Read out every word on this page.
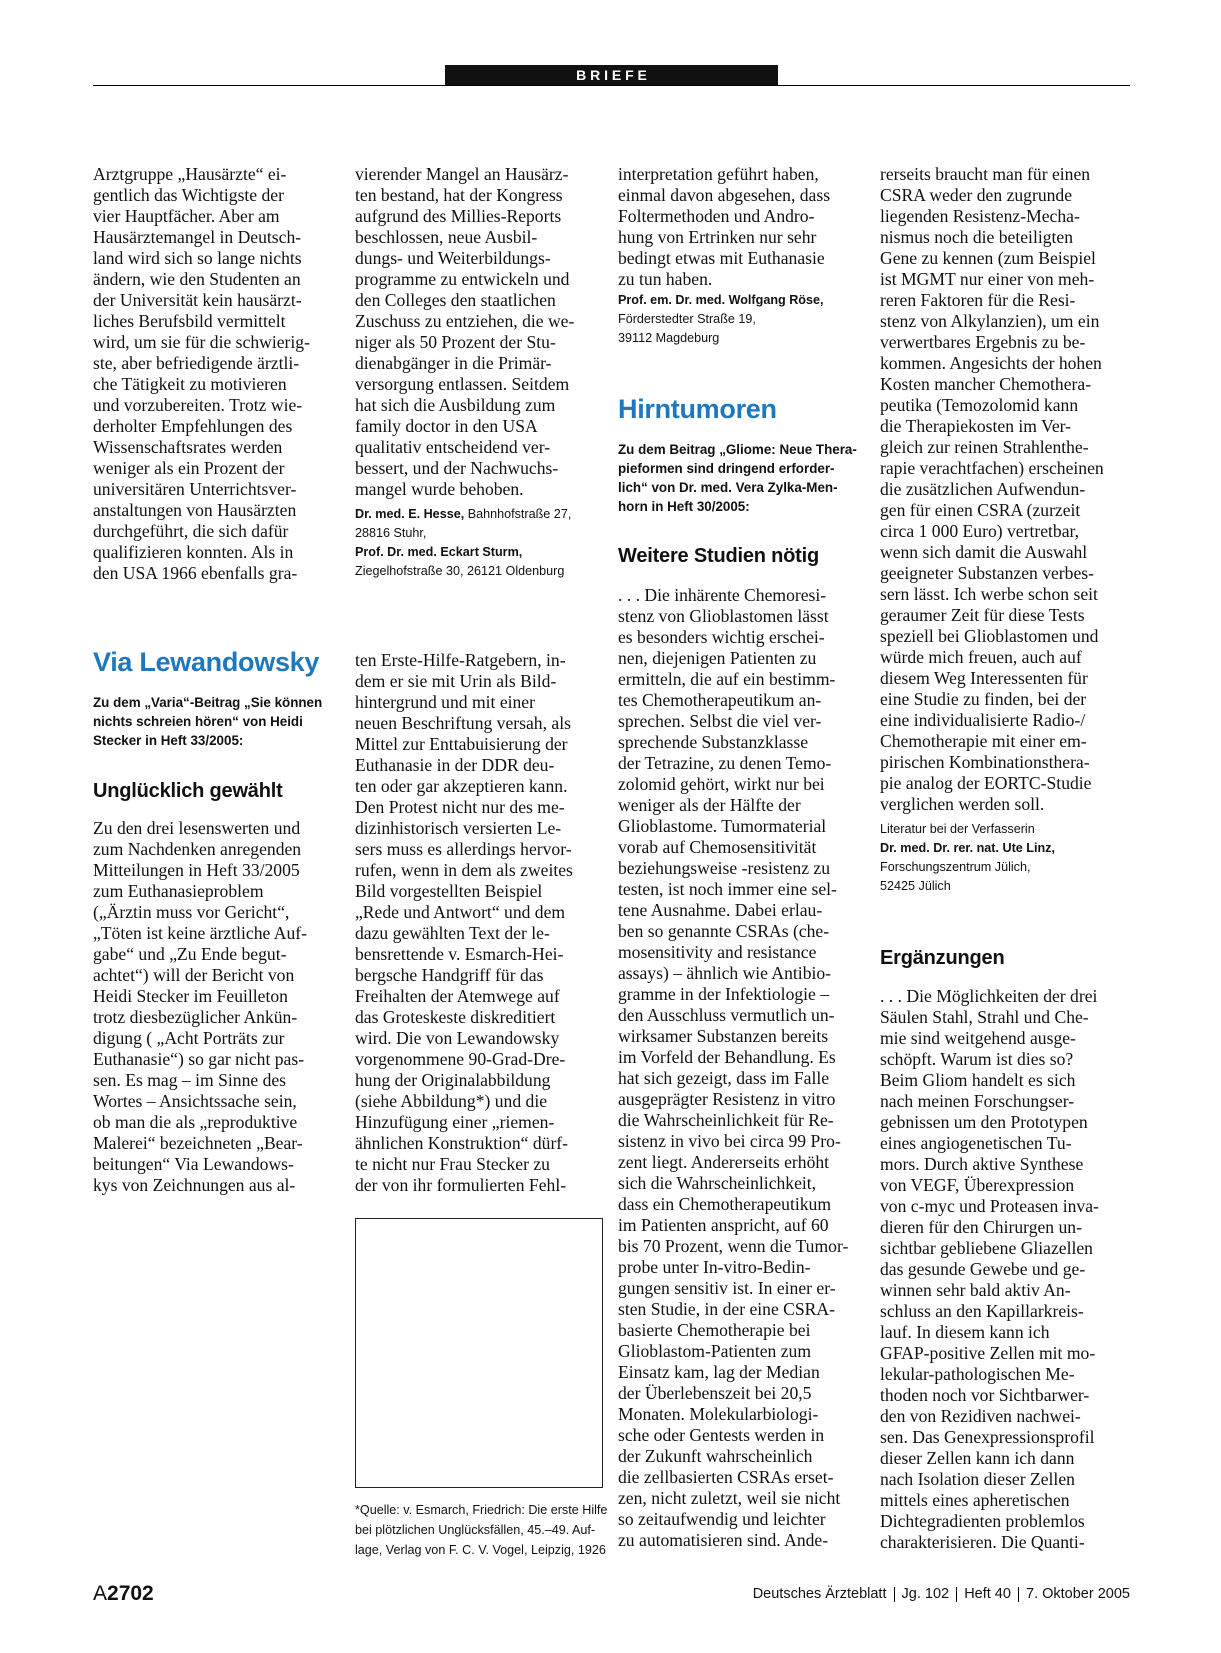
B R I E F E
Arztgruppe „Hausärzte“ ei-
gentlich das Wichtigste der
vier Hauptfächer. Aber am
Hausärztemangel in Deutsch-
land wird sich so lange nichts
ändern, wie den Studenten an
der Universität kein hausärzt-
liches Berufsbild vermittelt
wird, um sie für die schwierig-
ste, aber befriedigende ärztli-
che Tätigkeit zu motivieren
und vorzubereiten. Trotz wie-
derholter Empfehlungen des
Wissenschaftsrates werden
weniger als ein Prozent der
universitären Unterrichtsver-
anstaltungen von Hausärzten
durchgeführt, die sich dafür
qualifizieren konnten. Als in
den USA 1966 ebenfalls gra-
vierender Mangel an Hausärz-
ten bestand, hat der Kongress
aufgrund des Millies-Reports
beschlossen, neue Ausbil-
dungs- und Weiterbildungs-
programme zu entwickeln und
den Colleges den staatlichen
Zuschuss zu entziehen, die we-
niger als 50 Prozent der Stu-
dienabgänger in die Primär-
versorgung entlassen. Seitdem
hat sich die Ausbildung zum
family doctor in den USA
qualitativ entscheidend ver-
bessert, und der Nachwuchs-
mangel wurde behoben.
Dr. med. E. Hesse, Bahnhofstraße 27,
28816 Stuhr,
Prof. Dr. med. Eckart Sturm,
Ziegelhofstraße 30, 26121 Oldenburg
interpretation geführt haben,
einmal davon abgesehen, dass
Foltermethoden und Andro-
hung von Ertrinken nur sehr
bedingt etwas mit Euthanasie
zu tun haben.
Prof. em. Dr. med. Wolfgang Röse,
Förderstedter Straße 19,
39112 Magdeburg
Hirntumoren
Zu dem Beitrag „Gliome: Neue Thera-
pieformen sind dringend erforder-
lich“ von Dr. med. Vera Zylka-Men-
horn in Heft 30/2005:
Weitere Studien nötig
. . . Die inhärente Chemoresi-
stenz von Glioblastomen lässt
es besonders wichtig erschei-
nen, diejenigen Patienten zu
ermitteln, die auf ein bestimm-
tes Chemotherapeutikum an-
sprechen. Selbst die viel ver-
sprechende Substanzklasse
der Tetrazine, zu denen Temo-
zolomid gehört, wirkt nur bei
weniger als der Hälfte der
Glioblastome. Tumormaterial
vorab auf Chemosensitivität
beziehungsweise -resistenz zu
testen, ist noch immer eine sel-
tene Ausnahme. Dabei erlau-
ben so genannte CSRAs (che-
mosensitivity and resistance
assays) – ähnlich wie Antibio-
gramme in der Infektiologie –
den Ausschluss vermutlich un-
wirksamer Substanzen bereits
im Vorfeld der Behandlung. Es
hat sich gezeigt, dass im Falle
ausgeprägter Resistenz in vitro
die Wahrscheinlichkeit für Re-
sistenz in vivo bei circa 99 Pro-
zent liegt. Andererseits erhöht
sich die Wahrscheinlichkeit,
dass ein Chemotherapeutikum
im Patienten anspricht, auf 60
bis 70 Prozent, wenn die Tumor-
probe unter In-vitro-Bedin-
gungen sensitiv ist. In einer er-
sten Studie, in der eine CSRA-
basierte Chemotherapie bei
Glioblastom-Patienten zum
Einsatz kam, lag der Median
der Überlebenszeit bei 20,5
Monaten. Molekularbiologi-
sche oder Gentests werden in
der Zukunft wahrscheinlich
die zellbasierten CSRAs erset-
zen, nicht zuletzt, weil sie nicht
so zeitaufwendig und leichter
zu automatisieren sind. Ande-
rerseits braucht man für einen
CSRA weder den zugrunde
liegenden Resistenz-Mecha-
nismus noch die beteiligten
Gene zu kennen (zum Beispiel
ist MGMT nur einer von meh-
reren Faktoren für die Resi-
stenz von Alkylanzien), um ein
verwertbares Ergebnis zu be-
kommen. Angesichts der hohen
Kosten mancher Chemothera-
peutika (Temozolomid kann
die Therapiekosten im Ver-
gleich zur reinen Strahlenthe-
rapie verachtfachen) erscheinen
die zusätzlichen Aufwendun-
gen für einen CSRA (zurzeit
circa 1 000 Euro) vertretbar,
wenn sich damit die Auswahl
geeigneter Substanzen verbes-
sern lässt. Ich werbe schon seit
geraumer Zeit für diese Tests
speziell bei Glioblastomen und
würde mich freuen, auch auf
diesem Weg Interessenten für
eine Studie zu finden, bei der
eine individualisierte Radio-/
Chemotherapie mit einer em-
pirischen Kombinationsthera-
pie analog der EORTC-Studie
verglichen werden soll.
Literatur bei der Verfasserin
Dr. med. Dr. rer. nat. Ute Linz,
Forschungszentrum Jülich,
52425 Jülich
Ergänzungen
. . . Die Möglichkeiten der drei
Säulen Stahl, Strahl und Che-
mie sind weitgehend ausge-
schöpft. Warum ist dies so?
Beim Gliom handelt es sich
nach meinen Forschungser-
gebnissen um den Prototypen
eines angiogenetischen Tu-
mors. Durch aktive Synthese
von VEGF, Überexpression
von c-myc und Proteasen inva-
dieren für den Chirurgen un-
sichtbar gebliebene Gliazellen
das gesunde Gewebe und ge-
winnen sehr bald aktiv An-
schluss an den Kapillarkreis-
lauf. In diesem kann ich
GFAP-positive Zellen mit mo-
lekular-pathologischen Me-
thoden noch vor Sichtbarwer-
den von Rezidiven nachwei-
sen. Das Genexpressionsprofil
dieser Zellen kann ich dann
nach Isolation dieser Zellen
mittels eines apheretischen
Dichtegradienten problemlos
charakterisieren. Die Quanti-
Via Lewandowsky
Zu dem „Varia“-Beitrag „Sie können
nichts schreien hören“ von Heidi
Stecker in Heft 33/2005:
Unglücklich gewählt
Zu den drei lesenswerten und
zum Nachdenken anregenden
Mitteilungen in Heft 33/2005
zum Euthanasieproblem
(„Ärztin muss vor Gericht“,
„Töten ist keine ärztliche Auf-
gabe“ und „Zu Ende begut-
achtet“) will der Bericht von
Heidi Stecker im Feuilleton
trotz diesbezüglicher Ankün-
digung ( „Acht Porträts zur
Euthanasie“) so gar nicht pas-
sen. Es mag – im Sinne des
Wortes – Ansichtssache sein,
ob man die als „reproduktive
Malerei“ bezeichneten „Bear-
beitungen“ Via Lewandows-
kys von Zeichnungen aus al-
ten Erste-Hilfe-Ratgebern, in-
dem er sie mit Urin als Bild-
hintergrund und mit einer
neuen Beschriftung versah, als
Mittel zur Enttabuisierung der
Euthanasie in der DDR deu-
ten oder gar akzeptieren kann.
Den Protest nicht nur des me-
dizinhistorisch versierten Le-
sers muss es allerdings hervor-
rufen, wenn in dem als zweites
Bild vorgestellten Beispiel
„Rede und Antwort“ und dem
dazu gewählten Text der le-
bensrettende v. Esmarch-Hei-
bergsche Handgriff für das
Freihalten der Atemwege auf
das Groteskeste diskreditiert
wird. Die von Lewandowsky
vorgenommene 90-Grad-Dre-
hung der Originalabbildung
(siehe Abbildung*) und die
Hinzufügung einer „riemen-
ähnlichen Konstruktion“ dürf-
te nicht nur Frau Stecker zu
der von ihr formulierten Fehl-
*Quelle: v. Esmarch, Friedrich: Die erste Hilfe
bei plötzlichen Unglücksfällen, 45.–49. Auf-
lage, Verlag von F. C. V. Vogel, Leipzig, 1926
A2702	Deutsches Ärzteblatt Jg. 102 Heft 40 7. Oktober 2005
